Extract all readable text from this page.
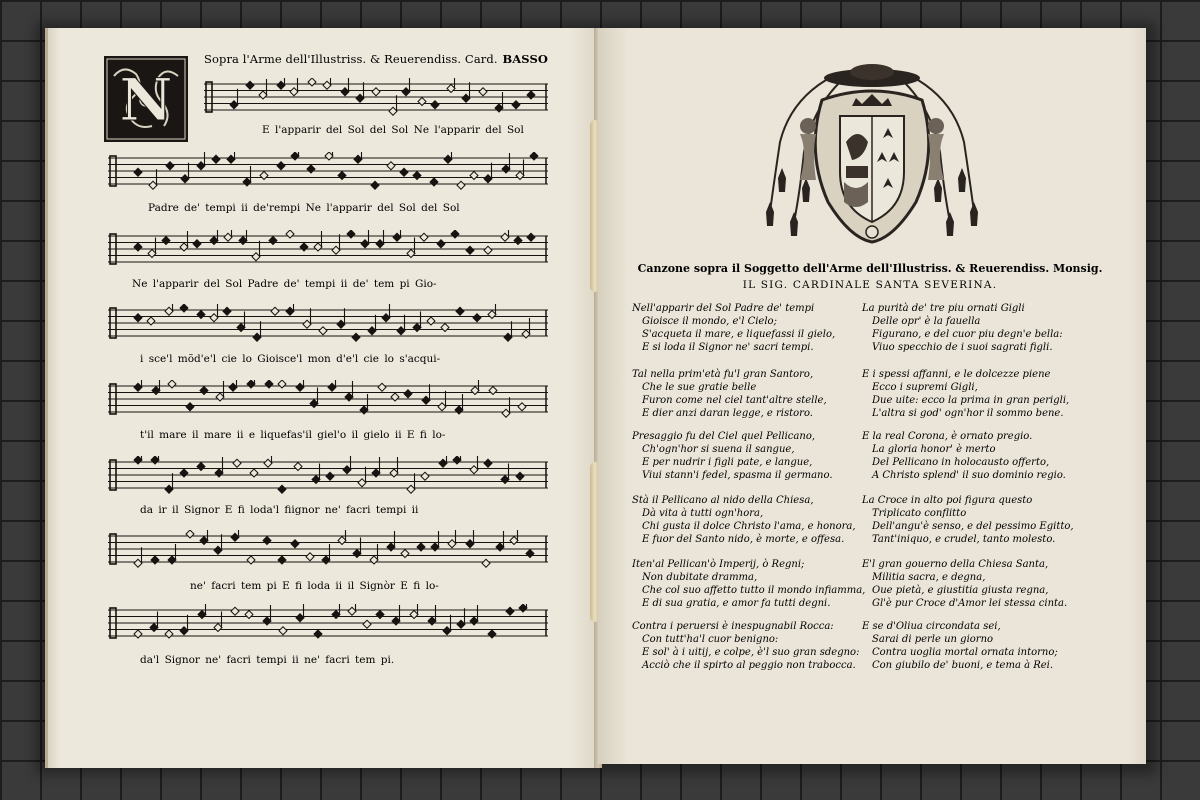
N
Sopra l'Arme dell'Illustriss. & Reuerendiss. Card. BASSO
E l'apparir del Sol del Sol Ne l'apparir del Sol
Padre de' tempi ii de'rempi Ne l'apparir del Sol del Sol
Ne l'apparir del Sol Padre de' tempi ii de' tem pi Gio-
i sce'l mõd'e'l cie lo Gioisce'l mon d'e'l cie lo s'acqui-
t'il mare il mare ii e liquefas'il giel'o il gielo ii E fi lo-
da ir il Signor E fi loda'l fiignor ne' facri tempi ii
ne' facri tem pi E fi loda ii il Signòr E fi lo-
da'l Signor ne' facri tempi ii ne' facri tem pi.
Canzone sopra il Soggetto dell'Arme dell'Illustriss. & Reuerendiss. Monsig.
IL SIG. CARDINALE SANTA SEVERINA.
Nell'apparir del Sol Padre de' tempi
Gioisce il mondo, e'l Cielo;
S'acqueta il mare, e liquefassi il gielo,
E si loda il Signor ne' sacri tempi.
Tal nella prim'età fu'l gran Santoro,
Che le sue gratie belle
Furon come nel ciel tant'altre stelle,
E dier anzi daran legge, e ristoro.
Presaggio fu del Ciel quel Pellicano,
Ch'ogn'hor si suena il sangue,
E per nudrir i figli pate, e langue,
Viui stann'i fedel, spasma il germano.
Stà il Pellicano al nido della Chiesa,
Dà vita à tutti ogn'hora,
Chi gusta il dolce Christo l'ama, e honora,
E fuor del Santo nido, è morte, e offesa.
Iten'al Pellican'ò Imperij, ò Regni;
Non dubitate dramma,
Che col suo affetto tutto il mondo infiamma,
E di sua gratia, e amor fa tutti degni.
Contra i peruersi è inespugnabil Rocca:
Con tutt'ha'l cuor benigno:
E sol' à i uitij, e colpe, è'l suo gran sdegno:
Acciò che il spirto al peggio non trabocca.
La purità de' tre piu ornati Gigli
Delle opr' è la fauella
Figurano, e del cuor piu degn'e bella:
Viuo specchio de i suoi sagrati figli.
E i spessi affanni, e le dolcezze piene
Ecco i supremi Gigli,
Due uite: ecco la prima in gran perigli,
L'altra si god' ogn'hor il sommo bene.
E la real Corona, è ornato pregio.
La gloria honor' è merto
Del Pellicano in holocausto offerto,
A Christo splend' il suo dominio regio.
La Croce in alto poi figura questo
Triplicato conflitto
Dell'angu'è senso, e del pessimo Egitto,
Tant'iniquo, e crudel, tanto molesto.
E'l gran gouerno della Chiesa Santa,
Militia sacra, e degna,
Oue pietà, e giustitia giusta regna,
Gl'è pur Croce d'Amor lei stessa cinta.
E se d'Oliua circondata sei,
Sarai di perle un giorno
Contra uoglia mortal ornata intorno;
Con giubilo de' buoni, e tema à Rei.
